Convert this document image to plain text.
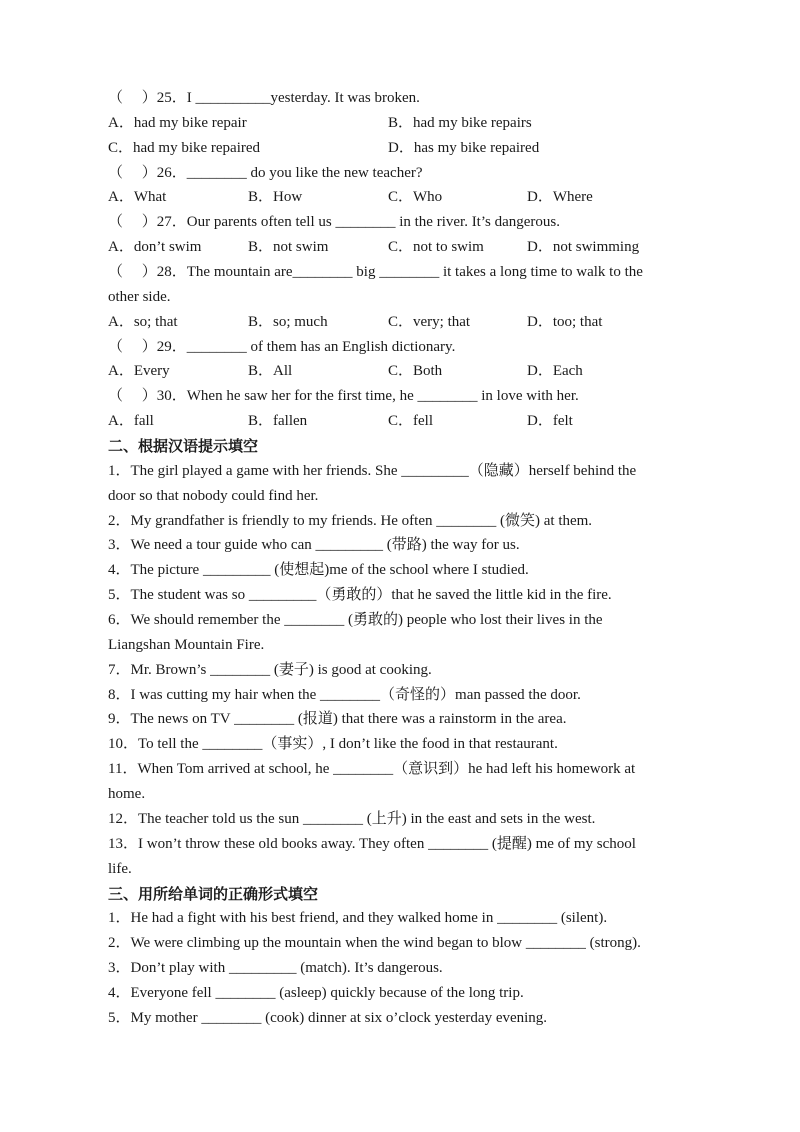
（　 ）25．I __________yesterday. It was broken.
A．had my bike repair	B．had my bike repairs
C．had my bike repaired	D．has my bike repaired
（　 ）26．________ do you like the new teacher?
A．What	B．How	C．Who	D．Where
（　 ）27．Our parents often tell us ________ in the river. It’s dangerous.
A．don’t swim	B．not swim	C．not to swim	D．not swimming
（　 ）28．The mountain are________ big ________ it takes a long time to walk to the
other side.
A．so; that	B．so; much	C．very; that	D．too; that
（　 ）29．________ of them has an English dictionary.
A．Every	B．All	C．Both	D．Each
（　 ）30．When he saw her for the first time, he ________ in love with her.
A．fall	B．fallen	C．fell	D．felt
二、根据汉语提示填空
1．The girl played a game with her friends. She _________（隐藏）herself behind the
door so that nobody could find her.
2．My grandfather is friendly to my friends. He often ________ (微笑) at them.
3．We need a tour guide who can _________ (带路) the way for us.
4．The picture _________ (使想起)me of the school where I studied.
5．The student was so _________（勇敢的）that he saved the little kid in the fire.
6．We should remember the ________ (勇敢的) people who lost their lives in the
Liangshan Mountain Fire.
7．Mr. Brown’s ________ (妻子) is good at cooking.
8．I was cutting my hair when the ________（奇怪的）man passed the door.
9．The news on TV ________ (报道) that there was a rainstorm in the area.
10．To tell the ________（事实）, I don’t like the food in that restaurant.
11．When Tom arrived at school, he ________（意识到）he had left his homework at
home.
12．The teacher told us the sun ________ (上升) in the east and sets in the west.
13．I won’t throw these old books away. They often ________ (提醒) me of my school
life.
三、用所给单词的正确形式填空
1．He had a fight with his best friend, and they walked home in ________ (silent).
2．We were climbing up the mountain when the wind began to blow ________ (strong).
3．Don’t play with _________ (match). It’s dangerous.
4．Everyone fell ________ (asleep) quickly because of the long trip.
5．My mother ________ (cook) dinner at six o’clock yesterday evening.
